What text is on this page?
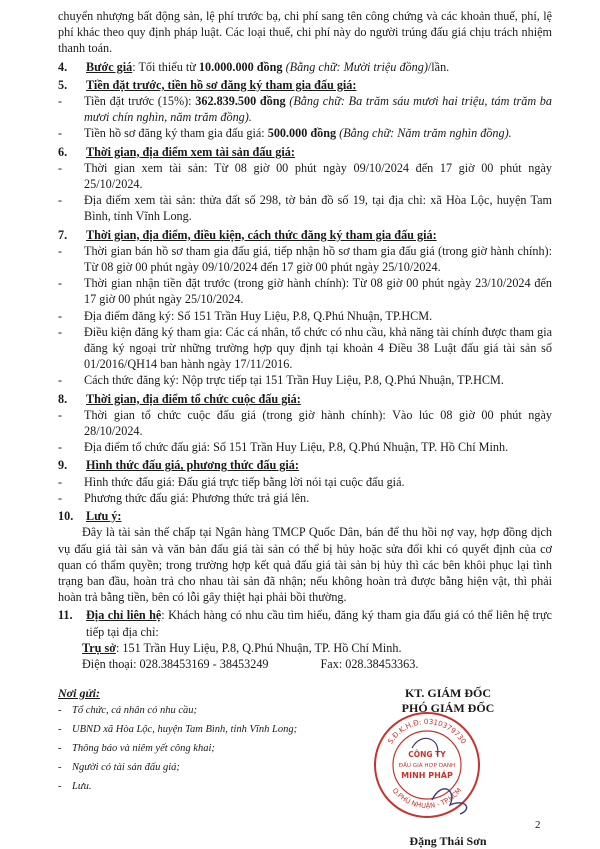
chuyển nhượng bất động sản, lệ phí trước bạ, chi phí sang tên công chứng và các khoản thuế, phí, lệ phí khác theo quy định pháp luật. Các loại thuế, chi phí này do người trúng đấu giá chịu trách nhiệm thanh toán.

4.	Bước giá: Tối thiểu từ 10.000.000 đồng (Bằng chữ: Mười triệu đồng)/lần.
5.	Tiền đặt trước, tiền hồ sơ đăng ký tham gia đấu giá:
-	Tiền đặt trước (15%): 362.839.500 đồng (Bằng chữ: Ba trăm sáu mươi hai triệu, tám trăm ba mươi chín nghìn, năm trăm đồng).
-	Tiền hồ sơ đăng ký tham gia đấu giá: 500.000 đồng (Bằng chữ: Năm trăm nghìn đồng).
6.	Thời gian, địa điểm xem tài sản đấu giá:
-	Thời gian xem tài sản: Từ 08 giờ 00 phút ngày 09/10/2024 đến 17 giờ 00 phút ngày 25/10/2024.
-	Địa điểm xem tài sản: thửa đất số 298, tờ bản đồ số 19, tại địa chỉ: xã Hòa Lộc, huyện Tam Bình, tỉnh Vĩnh Long.
7.	Thời gian, địa điểm, điều kiện, cách thức đăng ký tham gia đấu giá:
-	Thời gian bán hồ sơ tham gia đấu giá, tiếp nhận hồ sơ tham gia đấu giá (trong giờ hành chính): Từ 08 giờ 00 phút ngày 09/10/2024 đến 17 giờ 00 phút ngày 25/10/2024.
-	Thời gian nhận tiền đặt trước (trong giờ hành chính): Từ 08 giờ 00 phút ngày 23/10/2024 đến 17 giờ 00 phút ngày 25/10/2024.
-	Địa điểm đăng ký: Số 151 Trần Huy Liệu, P.8, Q.Phú Nhuận, TP.HCM.
-	Điều kiện đăng ký tham gia: Các cá nhân, tổ chức có nhu cầu, khả năng tài chính được tham gia đăng ký ngoại trừ những trường hợp quy định tại khoản 4 Điều 38 Luật đấu giá tài sản số 01/2016/QH14 ban hành ngày 17/11/2016.
-	Cách thức đăng ký: Nộp trực tiếp tại 151 Trần Huy Liệu, P.8, Q.Phú Nhuận, TP.HCM.
8.	Thời gian, địa điểm tổ chức cuộc đấu giá:
-	Thời gian tổ chức cuộc đấu giá (trong giờ hành chính): Vào lúc 08 giờ 00 phút ngày 28/10/2024.
-	Địa điểm tổ chức đấu giá: Số 151 Trần Huy Liệu, P.8, Q.Phú Nhuận, TP. Hồ Chí Minh.
9.	Hình thức đấu giá, phương thức đấu giá:
-	Hình thức đấu giá: Đấu giá trực tiếp bằng lời nói tại cuộc đấu giá.
-	Phương thức đấu giá: Phương thức trả giá lên.
10.	Lưu ý:

Đây là tài sản thế chấp tại Ngân hàng TMCP Quốc Dân, bán để thu hồi nợ vay, hợp đồng dịch vụ đấu giá tài sản và văn bản đấu giá tài sản có thể bị hủy hoặc sửa đổi khi có quyết định của cơ quan có thẩm quyền; trong trường hợp kết quả đấu giá tài sản bị hủy thì các bên khôi phục lại tình trạng ban đầu, hoàn trả cho nhau tài sản đã nhận; nếu không hoàn trả được bằng hiện vật, thì phải hoàn trả bằng tiền, bên có lỗi gây thiệt hại phải bồi thường.

11.	Địa chỉ liên hệ: Khách hàng có nhu cầu tìm hiểu, đăng ký tham gia đấu giá có thể liên hệ trực tiếp tại địa chỉ:
Trụ sở: 151 Trần Huy Liệu, P.8, Q.Phú Nhuận, TP. Hồ Chí Minh.
Điện thoại: 028.38453169 - 38453249	Fax: 028.38453363.
Nơi gửi:
-	Tổ chức, cá nhân có nhu cầu;
-	UBND xã Hòa Lộc, huyện Tam Bình, tỉnh Vĩnh Long;
-	Thông báo và niêm yết công khai;
-	Người có tài sản đấu giá;
-	Lưu.
KT. GIÁM ĐỐC
PHÓ GIÁM ĐỐC
S.Đ.K.H.Đ: 0310379730
Q.PHÚ NHUẬN - TP.HCM
CÔNG TY
ĐẤU GIÁ HỢP DANH
MINH PHÁP
Đặng Thái Sơn
2
